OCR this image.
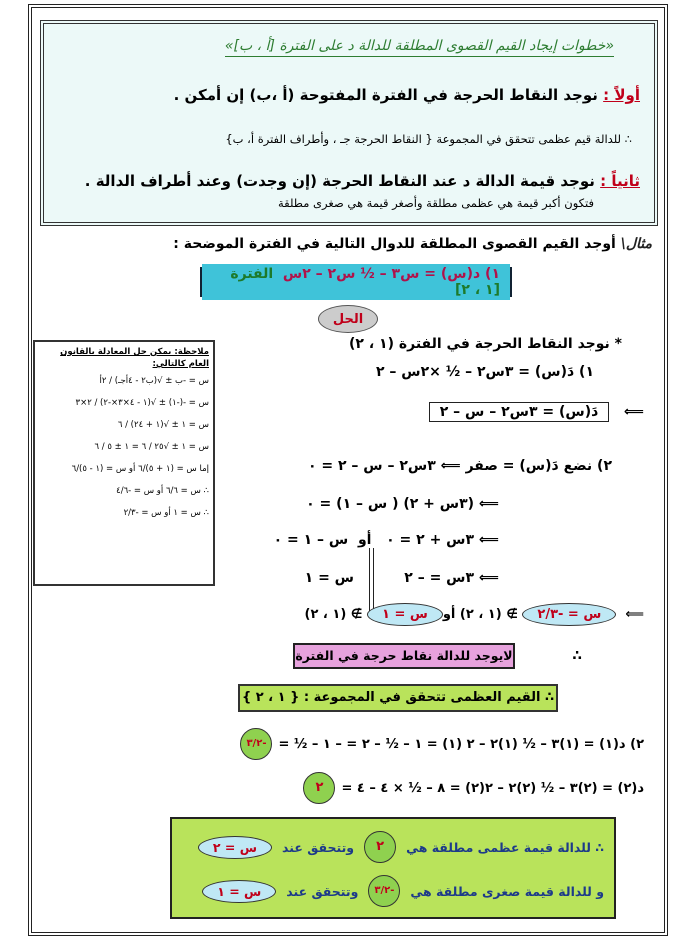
«خطوات إيجاد القيم القصوى المطلقة للدالة د على الفترة [أ ، ب]»
أولاً : نوجد النقاط الحرجة في الفترة المفتوحة (أ ،ب) إن أمكن .
∴ للدالة قيم عظمى تتحقق في المجموعة { النقاط الحرجة جـ ، وأطراف الفترة أ، ب}
ثانياً : نوجد قيمة الدالة د عند النقاط الحرجة (إن وجدت) وعند أطراف الدالة .
فتكون أكبر قيمة هي عظمى مطلقة وأصغر قيمة هي صغرى مطلقة
مثال\ أوجد القيم القصوى المطلقة للدوال التالية في الفترة الموضحة :
١) د(س) = س٣ – ½ س٢ – ٢س  الفترة [١ ، ٢]
الحل
ملاحظة: يمكن حل المعادلة بالقانون العام كالتالي:
س = -ب ± √(ب٢ - ٤أجـ) / ٢أ
س = -(-١) ± √(١ - ٤×٣×-٢) / ٢×٣
س = ١ ± √(١ + ٢٤) / ٦
س = ١ ± √٢٥ / ٦ = ١ ± ٥ / ٦
إما س = (١ + ٥)/٦ أو س = (١ - ٥)/٦
∴ س = ٦/٦ أو س = -٤/٦
∴ س = ١ أو س = -٢/٣
* نوجد النقاط الحرجة في الفترة (١ ، ٢)
١) دَ(س) = ٣س٢ – ½ ×٢س – ٢
⟸   دَ(س) = ٣س٢ – س – ٢
٢) نضع دَ(س) = صفر ⟸ ٣س٢ – س – ٢ = ٠
⟸ (٣س + ٢) ( س – ١) = ٠
⟸ ٣س + ٢ = ٠   أو  س – ١ = ٠
⟸ ٣س = – ٢
س = ١
⟸  س = -٢/٣ ∌ (١ ، ٢) أوس = ١ ∌ (١ ، ٢)
∴
لايوجد للدالة نقاط حرجة في الفترة
∴ القيم العظمى تتحقق في المجموعة : { ١ ، ٢ }
٢) د(١) = (١)٣ – ½ (١)٢ – ٢ (١) = ١ – ½ – ٢ = – ١ – ½ =
-٣/٢
د(٢) = (٢)٣ – ½ (٢)٢ – ٢(٢) = ٨ – ½ × ٤ – ٤ =
٢
∴ للدالة قيمة عظمى مطلقة هي
٢
وتتحقق عند
س = ٢
و للدالة قيمة صغرى مطلقة هي
-٣/٢
وتتحقق عند
س = ١
